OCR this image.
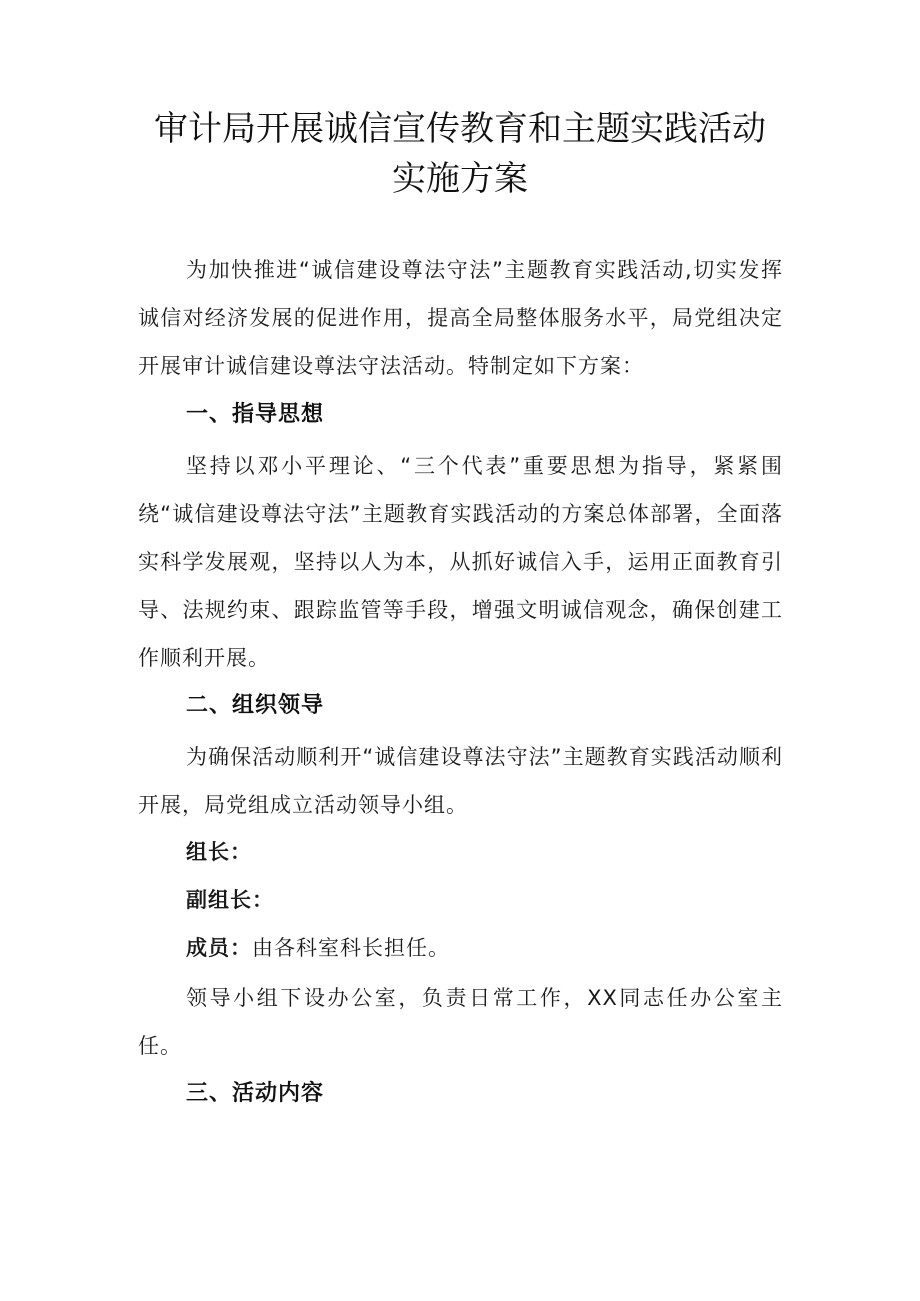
审计局开展诚信宣传教育和主题实践活动
实施方案

为加快推进“诚信建设尊法守法”主题教育实践活动,切实发挥诚信对经济发展的促进作用，提高全局整体服务水平，局党组决定开展审计诚信建设尊法守法活动。特制定如下方案：

一、指导思想

坚持以邓小平理论、“三个代表”重要思想为指导，紧紧围绕“诚信建设尊法守法”主题教育实践活动的方案总体部署，全面落实科学发展观，坚持以人为本，从抓好诚信入手，运用正面教育引导、法规约束、跟踪监管等手段，增强文明诚信观念，确保创建工作顺利开展。

二、组织领导

为确保活动顺利开“诚信建设尊法守法”主题教育实践活动顺利开展，局党组成立活动领导小组。

组长：

副组长：

成员：由各科室科长担任。

领导小组下设办公室，负责日常工作，XX同志任办公室主任。

三、活动内容
